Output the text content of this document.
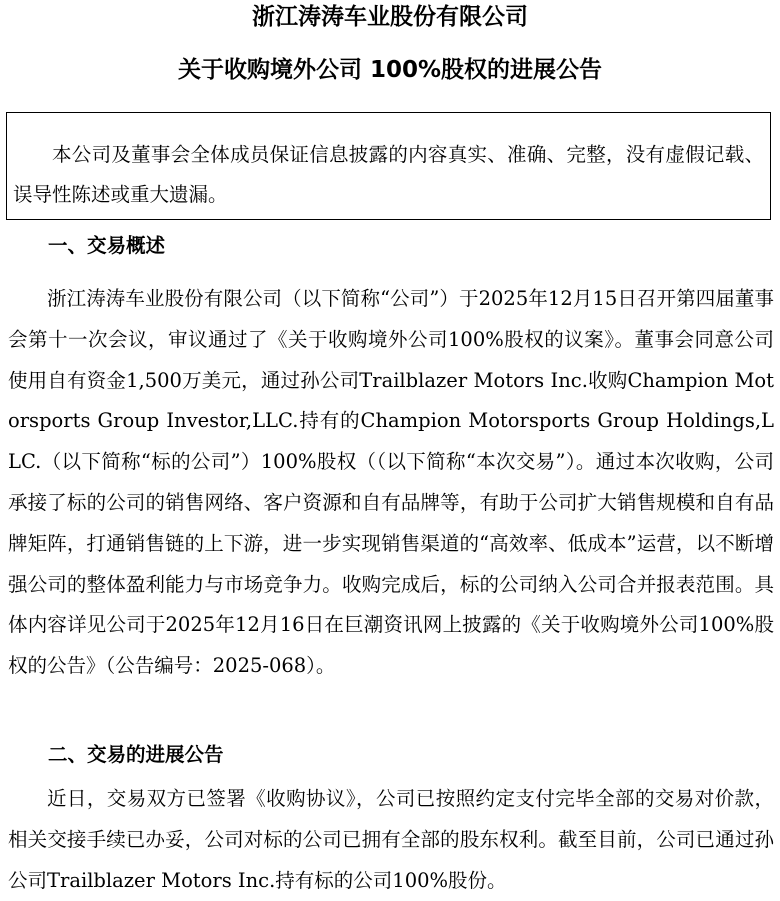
浙江涛涛车业股份有限公司
关于收购境外公司 100%股权的进展公告
本公司及董事会全体成员保证信息披露的内容真实、准确、完整，没有虚假记载、误导性陈述或重大遗漏。
一、交易概述

浙江涛涛车业股份有限公司（以下简称“公司”）于2025年12月15日召开第四届董事会第十一次会议，审议通过了《关于收购境外公司100%股权的议案》。董事会同意公司使用自有资金1,500万美元，通过孙公司Trailblazer Motors Inc.收购Champion Motorsports Group Investor,LLC.持有的Champion Motorsports Group Holdings,LLC.（以下简称“标的公司”）100%股权（（以下简称“本次交易”）。通过本次收购，公司承接了标的公司的销售网络、客户资源和自有品牌等，有助于公司扩大销售规模和自有品牌矩阵，打通销售链的上下游，进一步实现销售渠道的“高效率、低成本”运营，以不断增强公司的整体盈利能力与市场竞争力。收购完成后，标的公司纳入公司合并报表范围。具体内容详见公司于2025年12月16日在巨潮资讯网上披露的《关于收购境外公司100%股权的公告》（公告编号：2025-068）。

二、交易的进展公告

近日，交易双方已签署《收购协议》，公司已按照约定支付完毕全部的交易对价款，相关交接手续已办妥，公司对标的公司已拥有全部的股东权利。截至目前，公司已通过孙公司Trailblazer Motors Inc.持有标的公司100%股份。
